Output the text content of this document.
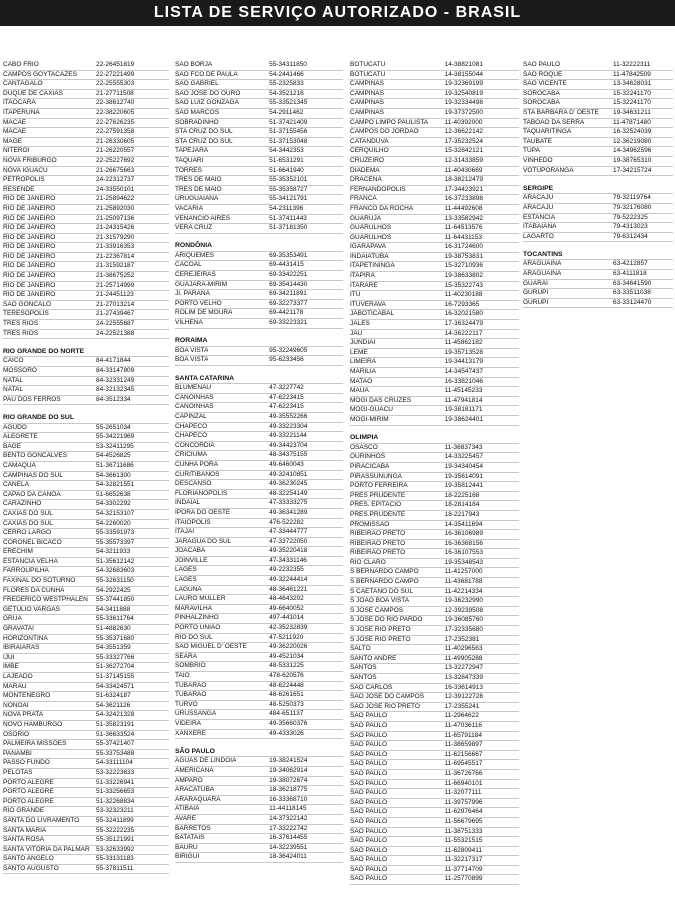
LISTA DE SERVIÇO AUTORIZADO - BRASIL
CABO FRIO	22-26451819
CAMPOS GOYTACAZES	22-27221499
CANTAGALO	22-25555303
DUQUE DE CAXIAS	21-27711508
ITAOCARA	22-38612740
ITAPERUNA	22-38220605
MACAE	22-27626235
MACAE	22-27591358
MAGE	21-26330605
NITEROI	21-26220557
NOVA FRIBURGO	22-25227692
NOVA IGUACU	21-26675663
PETROPOLIS	24-22312737
RESENDE	24-33550101
RIO DE JANEIRO	21-25894622
RIO DE JANEIRO	21-25892030
RIO DE JANEIRO	21-25097136
RIO DE JANEIRO	21-24315426
RIO DE JANEIRO	21-31579290
RIO DE JANEIRO	21-33916353
RIO DE JANEIRO	21-22367814
RIO DE JANEIRO	21-31592187
RIO DE JANEIRO	21-38675252
RIO DE JANEIRO	21-25714999
RIO DE JANEIRO	21-24451123
SAO GONCALO	21-27013214
TERESOPOLIS	21-27439467
TRES RIOS	24-22555687
TRES RIOS	24-22521388
RIO GRANDE DO NORTE
CAICO	84-4171844
MOSSORO	84-33147809
NATAL	84-32331249
NATAL	84-32132345
PAU DOS FERROS	84-3512334
RIO GRANDE DO SUL
AGUDO	55-2651034
ALEGRETE	55-34221969
BAGE	53-32411295
BENTO GONCALVES	54-4526825
CAMAQUA	51-36711686
CAMPINAS DO SUL	54-3661300
CANELA	54-32821551
CAPAO DA CANOA	51-6652638
CARAZINHO	54-3302292
CAXIAS DO SUL	54-32153107
CAXIAS DO SUL	54-2260020
CERRO LARGO	55-33591973
CORONEL BICACO	55-35573397
ERECHIM	54-3211933
ESTANCIA VELHA	51-35612142
FARROUPILHA	54-32683603
FAXINAL DO SOTURNO	55-32631150
FLORES DA CUNHA	54-2922425
FREDERICO WESTPHALEN 55-37441850
GETULIO VARGAS	54-3411888
GRUA	55-33611764
GRAVATAI	51-4882630
HORIZONTINA	55-35371680
IBIRAIARAS	54-3551359
IJUI	55-33327766
IMBE	51-36272704
LAJEADO	51-37145155
MARAU	54-33424571
MONTENEGRO	51-6324187
NONOAI	54-3621126
NOVA PRATA	54-32421328
NOVO HAMBURGO	51-35823191
OSORIO	51-36633524
PALMEIRA MISSOES	55-37421407
PANAMBI	55-33753488
PASSO FUNDO	54-33111104
PELOTAS	53-32223633
PORTO ALEGRE	51-33226941
PORTO ALEGRE	51-33256653
PORTO ALEGRE	51-32268834
RIO GRANDE	53-32323211
SANTA DO LIVRAMENTO	55-32411899
SANTA MARIA	55-32222235
SANTA ROSA	55-35121991
SANTA VITORIA DA PALMAR 53-32633992
SANTO ANGELO	55-33131183
SANTO AUGUSTO	55-37811511
SAO BORJA	55-34311850
SAO FCO DE PAULA	54-2441466
SAO GABRIEL	55-2325833
SAO JOSE DO OURO	54-3521216
SAO LUIZ GONZAGA	55-33521345
SAO MARCOS	54-2911462
SOBRADINHO	51-37421409
STA CRUZ DO SUL	51-37155456
STA CRUZ DO SUL	51-37153048
TAPEJARA	54-3442353
TAQUARI	51-6531291
TORRES	51-6641940
TRES DE MAIO	55-35352101
TRES DE MAIO	55-35358727
URUGUAIANA	55-34121791
VACARIA	54-2311396
VENANCIO AIRES	51-37411443
VERA CRUZ	51-37181350
RONDÔNIA
ARIQUEMES	69-35353491
CACOAL	69-4431415
CEREJEIRAS	69-33422251
GUAJARA-MIRIM	69-35414430
JI. PARANA	69-34211891
PORTO VELHO	69-32273377
ROLIM DE MOURA	69-4421178
VILHENA	69-33223321
RORAIMA
BOA VISTA	95-32249605
BOA VISTA	95-6233456
SANTA CATARINA
BLUMENAU	47-3227742
CANOINHAS	47-6223415
CANOINHAS	47-6223415
CAPINZAL	49-35552266
CHAPECO	49-33223304
CHAPECO	49-33221144
CONCORDIA	49-34423704
CRICIUMA	48-34375155
CUNHA PORA	49-6460043
CURITIBANOS	49-32410851
DESCANSO	49-36230245
FLORIANOPOLIS	48-32254149
INDAIAL	47-33333275
IPORA DO OESTE	49-36341289
ITAIOPOLIS	476-522282
ITAJAI	47-33444777
JARAGUA DO SUL	47-33722050
JOACABA	49-35220418
JOINVILLE	47-34331146
LAGES	49-2232355
LAGES	49-32244414
LAGUNA	48-36461221
LAURO MULLER	48-4643202
MARAVILHA	49-6640052
PINHALZINHO	497-441014
PORTO UNIAO	42-35232839
RIO DO SUL	47-5211920
SAO MIGUEL D' OESTE	49-36220026
SEARA	49-4521034
SOMBRIO	48-5331225
TAIO	478-620576
TUBARAO	48-6224448
TUBARAO	48-6261651
TURVO	48-5250373
URUSSANGA	484-651137
VIDEIRA	49-35660376
XANXERE	49-4333026
SÃO PAULO
AGUAS DE LINDOIA	19-38241524
AMERICANA	19-34062914
AMPARO	19-38072674
ARACATUBA	18-36218775
ARARAQUARA	16-33368710
ATIBAIA	11-44118145
AVARE	14-37322142
BARRETOS	17-33222742
BATATAIS	16-37614455
BAURU	14-32239551
BIRIGUI	18-36424011
BOTUCATU	14-38821081
BOTUCATU	14-38155044
CAMPINAS	19-32369199
CAMPINAS	19-32540819
CAMPINAS	19-32334498
CAMPINAS	19-37372500
CAMPO LIMPO PAULISTA	11-40392000
CAMPOS DO JORDAO	12-36622142
CATANDUVA	17-35232524
CERQUILHO	15-32842121
CRUZEIRO	12-31433859
DIADEMA	11-40430669
DRACENA	18-38212479
FERNANDOPOLIS	17-34423921
FRANCA	16-37233898
FRANCO DA ROCHA	11-44492608
GUARUJA	13-33582942
GUARULHOS	11-64513576
GUARULHOS	11-64431153
IGARAPAVA	16-31724600
INDAIATUBA	19-38753831
ITAPETININGA	15-32710936
ITAPIRA	19-38633802
ITARARE	15-35322743
ITU	11-40230188
ITUVERAVA	16-7293365
JABOTICABAL	16-32021580
JALES	17-36324479
JAU	14-36222117
JUNDIAI	11-45862182
LEME	19-35713528
LIMEIRA	19-34413179
MARILIA	14-34547437
MATAO	16-33821046
MAUA	11-45145233
MOGI DAS CRUZES	11-47941814
MOGI-GUACU	19-38181171
MOGI-MIRIM	19-38624401
OLIMPIA
OSASCO	11-36837343
OURINHOS	14-33225457
PIRACICABA	19-34340454
PIRASSUNUNGA	19-35614091
PORTO FERREIRA	19-35812441
PRES PRUDENTE	18-2225168
PRES. EPITACIO	18-2814184
PRES.PRUDENTE	18-2217943
PROMISSAO	14-35411694
RIBEIRAO PRETO	16-36106989
RIBEIRAO PRETO	16-36368156
RIBEIRAO PRETO	16-36107553
RIO CLARO	19-35348543
S BERNARDO CAMPO	11-41257000
S BERNARDO CAMPO	11-43681788
S CAETANO DO SUL	11-42214334
S JOAO BOA VISTA	19-36232990
S JOSE CAMPOS	12-39239508
S JOSE DO RIO PARDO	19-36085760
S JOSE RIO PRETO	17-32335680
S JOSE RIO PRETO	17-2352381
SALTO	11-40296563
SANTO ANDRE	11-49905288
SANTOS	13-32272947
SANTOS	13-32847339
SAO CARLOS	16-33614913
SAO JOSE DO CAMPOS	12-39122728
SAO JOSE RIO PRETO	17-2355241
SAO PAULO	11-2964622
SAO PAULO	11-47036116
SAO PAULO	11-65791184
SAO PAULO	11-38659897
SAO PAULO	11-62156667
SAO PAULO	11-69545517
SAO PAULO	11-36726766
SAO PAULO	11-66940101
SAO PAULO	11-32077111
SAO PAULO	11-39757996
SAO PAULO	11-62976464
SAO PAULO	11-56679695
SAO PAULO	11-38751333
SAO PAULO	11-55321515
SAO PAULO	11-62809411
SAO PAULO	11-32217317
SAO PAULO	11-37714709
SAO PAULO	11-25770899
SAO PAULO	11-32222311
SAO ROQUE	11-47842509
SAO VICENTE	13-34628031
SOROCABA	15-32241170
SOROCABA	15-32241170
STA BARBARA D' OESTE 19-34631211
TABOAO DA SERRA	11-47871480
TAQUARITINGA	16-32524039
TAUBATE	12-36219080
TUPA	14-34962596
VINHEDO	19-38765310
VOTUPORANGA	17-34215724
SERGIPE
ARACAJU	79-32119764
ARACAJU	79-32176080
ESTANCIA	79-5222325
ITABAIANA	79-4313023
LAGARTO	79-6312434
TOCANTINS
ARAGUAINA	63-4212857
ARAGUAINA	63-4111818
GUARAI	63-34641590
GURUPI	63-33511038
GURUPI	63-33124470
